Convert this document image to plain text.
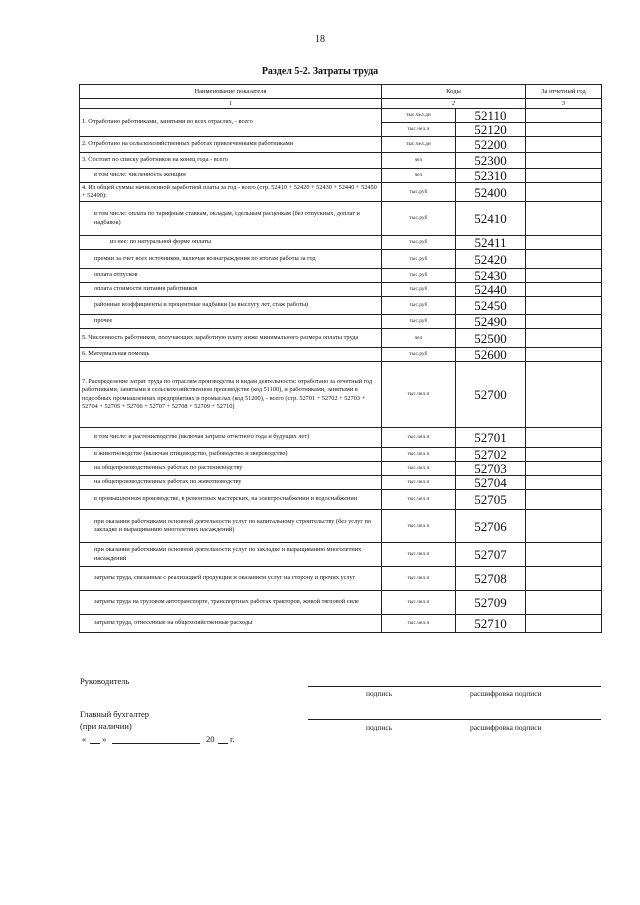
18
Раздел 5-2. Затраты труда
Наименование показателя	Коды		За отчетный год
1	2		3
1. Отработано работниками, занятыми во всех отраслях, - всего	тыс.чел.дн	52110	
	тыс.чел.ч	52120	
2. Отработано на сельскохозяйственных работах привлеченными работниками	тыс.чел.дн	52200	
3. Состоит по списку работников на конец года - всего	чел	52300	
в том числе: численность женщин	чел	52310	
4. Из общей суммы начисленной заработной платы за год - всего (стр. 52410 + 52420 + 52430 + 52440 + 52450 + 52490):	тыс.руб	52400	
в том числе: оплата по тарифным ставкам, окладам, сдельным расценкам (без отпускных, доплат и надбавок)	тыс.руб	52410	
из нее: по натуральной форме оплаты	тыс.руб	52411	
премии за счет всех источников, включая вознаграждения по итогам работы за год	тыс.руб	52420	
оплата отпусков	тыс.руб	52430	
оплата стоимости питания работников	тыс.руб	52440	
районные коэффициенты и процентные надбавки (за выслугу лет, стаж работы)	тыс.руб	52450	
прочее	тыс.руб	52490	
5. Численность работников, получающих заработную плату ниже минимального размера оплаты труда	чел	52500	
6. Материальная помощь	тыс.руб	52600	
7. Распределение затрат труда по отраслям производства и видам деятельности: отработано за отчетный год работниками, занятыми в сельскохозяйственном производстве (код 51100), и работниками, занятыми в подсобных промышленных предприятиях и промыслах (код 51200), - всего (стр. 52701 + 52702 + 52703 + 52704 + 52705 + 52706 + 52707 + 52708 + 52709 + 52710)	тыс.чел.ч	52700	
в том числе: в растениеводстве (включая затраты отчетного года и будущих лет)	тыс.чел.ч	52701	
в животноводстве (включая птицеводство, рыбоводство и звероводство)	тыс.чел.ч	52702	
на общепроизводственных работах по растениеводству	тыс.чел.ч	52703	
на общепроизводственных работах по животноводству	тыс.чел.ч	52704	
в промышленном производстве, в ремонтных мастерских, на электроснабжении и водоснабжении	тыс.чел.ч	52705	
при оказании работниками основной деятельности услуг по капитальному строительству (без услуг по закладке и выращиванию многолетних насаждений)	тыс.чел.ч	52706	
при оказании работниками основной деятельности услуг по закладке и выращиванию многолетних насаждений	тыс.чел.ч	52707	
затраты труда, связанные с реализацией продукции и оказанием услуг на сторону и прочих услуг	тыс.чел.ч	52708	
затраты труда на грузовом автотранспорте, транспортных работах тракторов, живой тягловой силе	тыс.чел.ч	52709	
затраты труда, отнесенные на общехозяйственные расходы	тыс.чел.ч	52710	
Руководитель
подпись	расшифровка подписи
Главный бухгалтер
(при наличии)	подпись	расшифровка подписи
« »	20 г.
